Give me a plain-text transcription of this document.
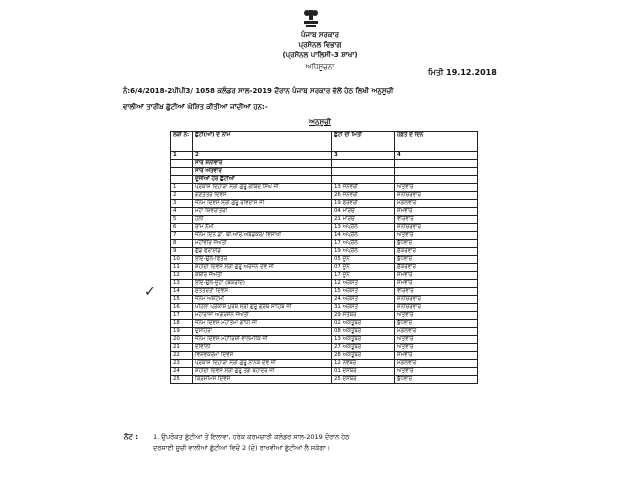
ਪੰਜਾਬ ਸਰਕਾਰ
ਪ੍ਰਸੋਨਲ ਵਿਭਾਗ
(ਪ੍ਰਸੋਨਲ ਪਾਲਿਸੀ-3 ਸ਼ਾਖਾ)
ਅਧਿਸੂਚਨਾ
ਮਿਤੀ 19.12.2018
ਨੰ:6/4/2018-2ਪੀਪੀ3/ 1058 ਕਲੰਡਰ ਸਾਲ-2019 ਦੌਰਾਨ ਪੰਜਾਬ ਸਰਕਾਰ ਵੱਲੋਂ ਹੇਠ ਲਿਖੀ ਅਨੁਸੂਚੀ
ਵਾਲੀਆਂ ਤਾਰੀਖ਼ ਛੁੱਟੀਆਂ ਘੋਸ਼ਿਤ ਕੀਤੀਆਂ ਜਾਂਦੀਆਂ ਹਨ:-
ਅਨੁਸੂਚੀ
✓
ਲੜੀ ਨੰ:	ਛੁੱਟੀ(ਆਂ) ਦੇ ਨਾਮ	ਛੁੱਟੀ ਦੀ ਮਿਤੀ	ਹਫ਼ਤੇ ਦੇ ਦਿਨ
1	2	3	4
	ਸਾਰੇ ਸ਼ਨੀਵਾਰ		
	ਸਾਰੇ ਐਤਵਾਰ		
	ਦੂਜੀਆਂ ਹੋਰ ਛੁੱਟੀਆਂ		
1	ਪ੍ਰਕਾਸ਼ ਦਿਹਾੜਾ ਸ੍ਰੀ ਗੁਰੂ ਗੋਬਿੰਦ ਸਿੰਘ ਜੀ	13 ਜਨਵਰੀ	ਐਤਵਾਰ
2	ਗਣਤੰਤਰ ਦਿਵਸ	26 ਜਨਵਰੀ	ਸ਼ਨੀਚਰਵਾਰ
3	ਜਨਮ ਦਿਵਸ ਸ੍ਰੀ ਗੁਰੂ ਰਵਿਦਾਸ ਜੀ	19 ਫਰਵਰੀ	ਮੰਗਲਵਾਰ
4	ਮਹਾ ਸ਼ਿਵਰਾਤਰੀ	04 ਮਾਰਚ	ਸੋਮਵਾਰ
5	ਹੋਲੀ	21 ਮਾਰਚ	ਵੀਰਵਾਰ
6	ਰਾਮ ਨੌਮੀ	13 ਅਪ੍ਰੈਲ	ਸ਼ਨੀਚਰਵਾਰ
7	ਜਨਮ ਦਿਨ ਡਾ. ਬੀ.ਆਰ.ਅੰਬੇਡਕਰ/ ਵਿਸਾਖੀ	14 ਅਪ੍ਰੈਲ	ਐਤਵਾਰ
8	ਮਹਾਂਵੀਰ ਜੈਅੰਤੀ	17 ਅਪ੍ਰੈਲ	ਬੁੱਧਵਾਰ
9	ਗੁੱਡ ਫਰਾਈਡੇ	19 ਅਪ੍ਰੈਲ	ਸ਼ੁੱਕਰਵਾਰ
10	ਈਦ-ਉਲ-ਫਿਤਰ	05 ਜੂਨ	ਬੁੱਧਵਾਰ
11	ਸ਼ਹੀਦੀ ਦਿਵਸ ਸ੍ਰੀ ਗੁਰੂ ਅਰਜਨ ਦੇਵ ਜੀ	07 ਜੂਨ	ਸ਼ੁੱਕਰਵਾਰ
12	ਕਬੀਰ ਜੈਅੰਤੀ	17 ਜੂਨ	ਸੋਮਵਾਰ
13	ਈਦ-ਉਲ-ਜੂਹਾ (ਬਕਰੀਦ)	12 ਅਗਸਤ	ਸੋਮਵਾਰ
14	ਸੁਤੰਤਰਤਾ ਦਿਵਸ	15 ਅਗਸਤ	ਵੀਰਵਾਰ
15	ਜਨਮ ਅਸ਼ਟਮੀ	24 ਅਗਸਤ	ਸ਼ਨੀਚਰਵਾਰ
16	ਪਹਿਲਾ ਪ੍ਰਕਾਸ਼ ਪੁਰਬ ਸ੍ਰੀ ਗੁਰੂ ਗ੍ਰੰਥ ਸਾਹਿਬ ਜੀ	31 ਅਗਸਤ	ਸ਼ਨੀਚਰਵਾਰ
17	ਮਹਾਰਾਜਾ ਅਗਰਸੈਨ ਜੈਅੰਤੀ	29 ਸਤੰਬਰ	ਐਤਵਾਰ
18	ਜਨਮ ਦਿਵਸ ਮਹਾਤਮਾ ਗਾਂਧੀ ਜੀ	02 ਅਕਤੂਬਰ	ਬੁੱਧਵਾਰ
19	ਦੁਸਹਿਰਾ	08 ਅਕਤੂਬਰ	ਮੰਗਲਵਾਰ
20	ਜਨਮ ਦਿਵਸ ਮਹਾਂਰਿਸ਼ੀ ਵਾਲਮੀਕਿ ਜੀ	13 ਅਕਤੂਬਰ	ਐਤਵਾਰ
21	ਦੀਵਾਲੀ	27 ਅਕਤੂਬਰ	ਐਤਵਾਰ
22	ਵਿਸ਼ਵਕਰਮਾ ਦਿਵਸ	28 ਅਕਤੂਬਰ	ਸੋਮਵਾਰ
23	ਪ੍ਰਕਾਸ਼ ਦਿਹਾੜਾ ਸ੍ਰੀ ਗੁਰੂ ਨਾਨਕ ਦੇਵ ਜੀ	12 ਨਵੰਬਰ	ਮੰਗਲਵਾਰ
24	ਸ਼ਹੀਦੀ ਦਿਵਸ ਸ੍ਰੀ ਗੁਰੂ ਤੇਗ ਬਹਾਦਰ ਜੀ	01 ਦਸੰਬਰ	ਐਤਵਾਰ
25	ਕ੍ਰਿਸਮਿਸ ਦਿਵਸ	25 ਦਸੰਬਰ	ਬੁੱਧਵਾਰ
ਨੋਟ : 1. ਉਪਰੋਕਤ ਛੁੱਟੀਆਂ ਤੋਂ ਇਲਾਵਾ, ਹਰੇਕ ਕਰਮਚਾਰੀ ਕਲੰਡਰ ਸਾਲ-2019 ਦੌਰਾਨ ਹੇਠ
ਦਰਸਾਈ ਸੂਚੀ ਵਾਲੀਆਂ ਛੁੱਟੀਆਂ ਵਿਚੋਂ 2 (ਦੋ) ਰਾਖਵੀਆਂ ਛੁੱਟੀਆਂ ਲੈ ਸਕੇਗਾ।
